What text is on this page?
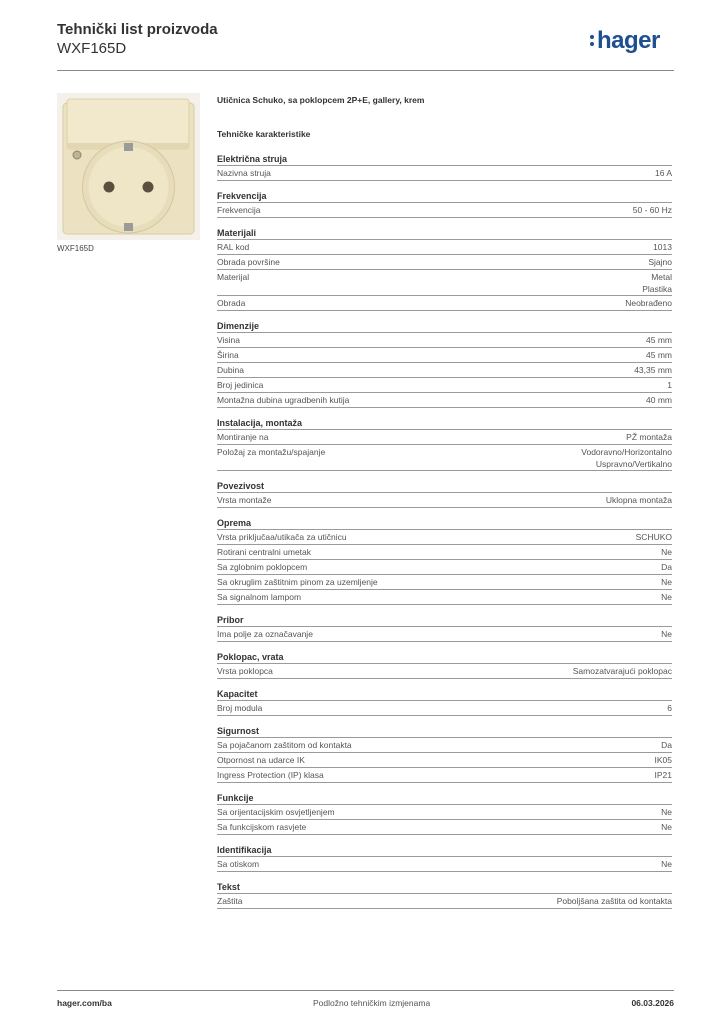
Tehnički list proizvoda
WXF165D	hager
WXF165D
Utičnica Schuko, sa poklopcem 2P+E, gallery, krem
Tehničke karakteristike
Električna struja
Nazivna struja	16 A
Frekvencija
Frekvencija	50 - 60 Hz
Materijali
RAL kod	1013
Obrada površine	Sjajno
Materijal	Metal
Plastika
Obrada	Neobrađeno
Dimenzije
Visina	45 mm
Širina	45 mm
Dubina	43,35 mm
Broj jedinica	1
Montažna dubina ugradbenih kutija	40 mm
Instalacija, montaža
Montiranje na	PŽ montaža
Položaj za montažu/spajanje	Vodoravno/Horizontalno
Uspravno/Vertikalno
Povezivost
Vrsta montaže	Uklopna montaža
Oprema
Vrsta priključaa/utikača za utičnicu	SCHUKO
Rotirani centralni umetak	Ne
Sa zglobnim poklopcem	Da
Sa okruglim zaštitnim pinom za uzemljenje	Ne
Sa signalnom lampom	Ne
Pribor
Ima polje za označavanje	Ne
Poklopac, vrata
Vrsta poklopca	Samozatvarajući poklopac
Kapacitet
Broj modula	6
Sigurnost
Sa pojačanom zaštitom od kontakta	Da
Otpornost na udarce IK	IK05
Ingress Protection (IP) klasa	IP21
Funkcije
Sa orijentacijskim osvjetljenjem	Ne
Sa funkcijskom rasvjete	Ne
Identifikacija
Sa otiskom	Ne
Tekst
Zaštita	Poboljšana zaštita od kontakta
hager.com/ba	Podložno tehničkim izmjenama	06.03.2026
